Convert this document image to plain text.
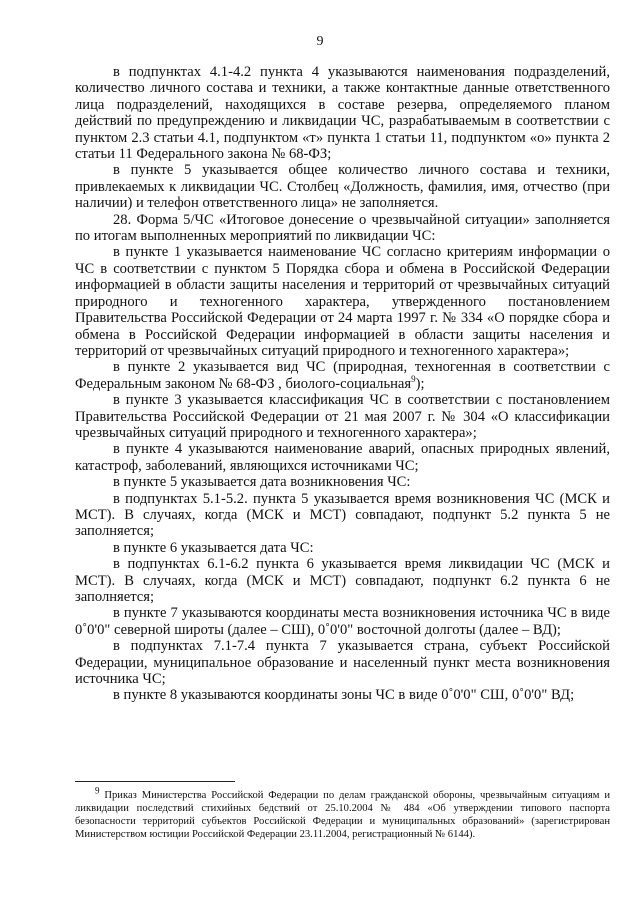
9

в подпунктах 4.1-4.2 пункта 4 указываются наименования подразделений, количество личного состава и техники, а также контактные данные ответственного лица подразделений, находящихся в составе резерва, определяемого планом действий по предупреждению и ликвидации ЧС, разрабатываемым в соответствии с пунктом 2.3 статьи 4.1, подпунктом «т» пункта 1 статьи 11, подпунктом «о» пункта 2 статьи 11 Федерального закона № 68-ФЗ;

в пункте 5 указывается общее количество личного состава и техники, привлекаемых к ликвидации ЧС. Столбец «Должность, фамилия, имя, отчество (при наличии) и телефон ответственного лица» не заполняется.

28. Форма 5/ЧС «Итоговое донесение о чрезвычайной ситуации» заполняется по итогам выполненных мероприятий по ликвидации ЧС:

в пункте 1 указывается наименование ЧС согласно критериям информации о ЧС в соответствии с пунктом 5 Порядка сбора и обмена в Российской Федерации информацией в области защиты населения и территорий от чрезвычайных ситуаций природного и техногенного характера, утвержденного постановлением Правительства Российской Федерации от 24 марта 1997 г. № 334 «О порядке сбора и обмена в Российской Федерации информацией в области защиты населения и территорий от чрезвычайных ситуаций природного и техногенного характера»;

в пункте 2 указывается вид ЧС (природная, техногенная в соответствии с Федеральным законом № 68-ФЗ , биолого-социальная$^9$);

в пункте 3 указывается классификация ЧС в соответствии с постановлением Правительства Российской Федерации от 21 мая 2007 г. № 304 «О классификации чрезвычайных ситуаций природного и техногенного характера»;

в пункте 4 указываются наименование аварий, опасных природных явлений, катастроф, заболеваний, являющихся источниками ЧС;

в пункте 5 указывается дата возникновения ЧС:

в подпунктах 5.1-5.2. пункта 5 указывается время возникновения ЧС (МСК и МСТ). В случаях, когда (МСК и МСТ) совпадают, подпункт 5.2 пункта 5 не заполняется;

в пункте 6 указывается дата ЧС:

в подпунктах 6.1-6.2 пункта 6 указывается время ликвидации ЧС (МСК и МСТ). В случаях, когда (МСК и МСТ) совпадают, подпункт 6.2 пункта 6 не заполняется;

в пункте 7 указываются координаты места возникновения источника ЧС в виде 0˚0'0" северной широты (далее – СШ), 0˚0'0" восточной долготы (далее – ВД);

в подпунктах 7.1-7.4 пункта 7 указывается страна, субъект Российской Федерации, муниципальное образование и населенный пункт места возникновения источника ЧС;

в пункте 8 указываются координаты зоны ЧС в виде 0˚0'0" СШ, 0˚0'0" ВД;

$^9$ Приказ Министерства Российской Федерации по делам гражданской обороны, чрезвычайным ситуациям и ликвидации последствий стихийных бедствий от 25.10.2004 № 484 «Об утверждении типового паспорта безопасности территорий субъектов Российской Федерации и муниципальных образований» (зарегистрирован Министерством юстиции Российской Федерации 23.11.2004, регистрационный № 6144).
